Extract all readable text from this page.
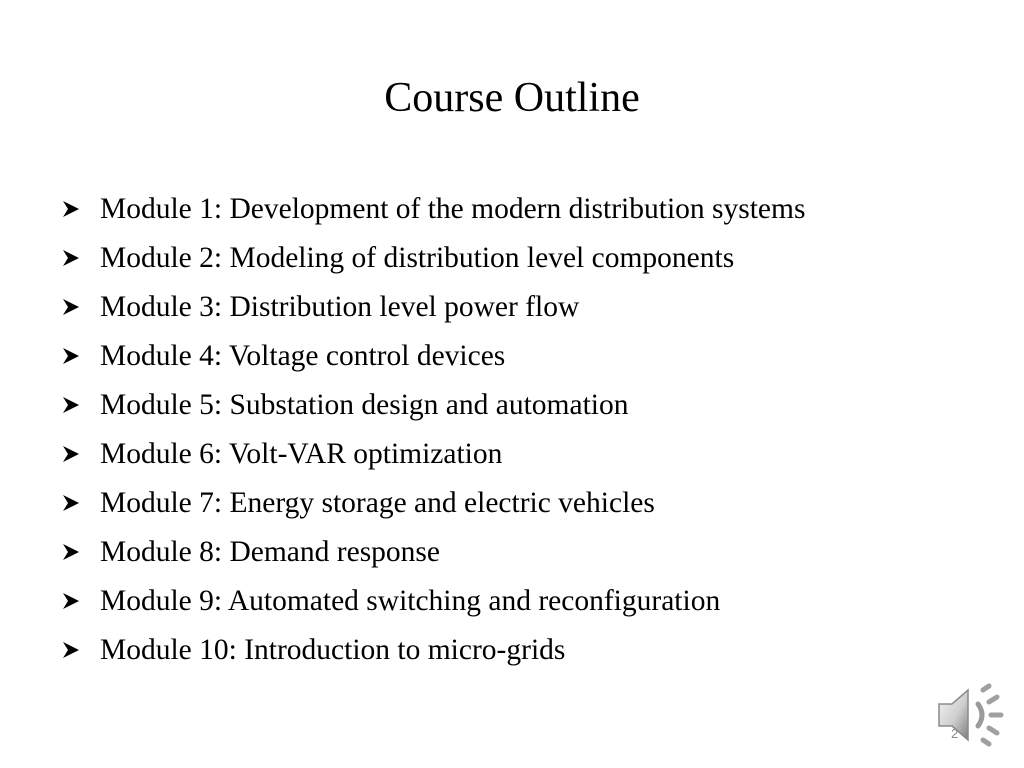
Course Outline
Module 1: Development of the modern distribution systems
Module 2: Modeling of distribution level components
Module 3: Distribution level power flow
Module 4: Voltage control devices
Module 5: Substation design and automation
Module 6: Volt-VAR optimization
Module 7: Energy storage and electric vehicles
Module 8: Demand response
Module 9: Automated switching and reconfiguration
Module 10: Introduction to micro-grids
2
